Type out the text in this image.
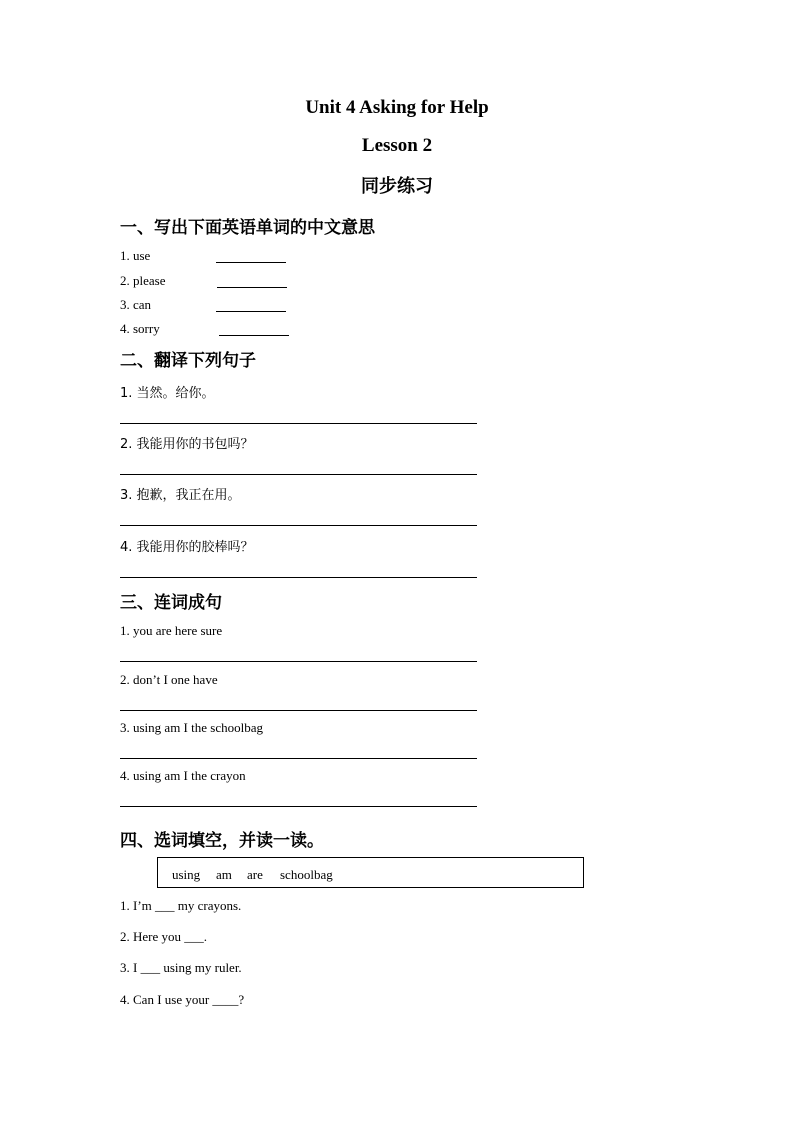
Unit 4 Asking for Help
Lesson 2
同步练习
一、写出下面英语单词的中文意思
1. use
2. please
3. can
4. sorry
二、翻译下列句子
1. 当然。给你。
2. 我能用你的书包吗？
3. 抱歉，我正在用。
4. 我能用你的胶棒吗？
三、连词成句
1. you are here sure
2. don’t I one have
3. using am I the schoolbag
4. using am I the crayon
四、选词填空，并读一读。
using am are schoolbag
1. I’m ___ my crayons.
2. Here you ___.
3. I ___ using my ruler.
4. Can I use your ____?
